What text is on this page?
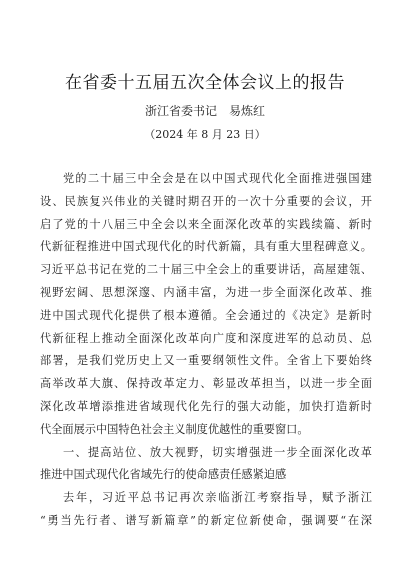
在省委十五届五次全体会议上的报告
浙江省委书记　易炼红
（2024 年 8 月 23 日）
党的二十届三中全会是在以中国式现代化全面推进强国建
设、民族复兴伟业的关键时期召开的一次十分重要的会议，开
启了党的十八届三中全会以来全面深化改革的实践续篇、新时
代新征程推进中国式现代化的时代新篇，具有重大里程碑意义。
习近平总书记在党的二十届三中全会上的重要讲话，高屋建瓴、
视野宏阔、思想深邃、内涵丰富，为进一步全面深化改革、推
进中国式现代化提供了根本遵循。全会通过的《决定》是新时
代新征程上推动全面深化改革向广度和深度进军的总动员、总
部署，是我们党历史上又一重要纲领性文件。全省上下要始终
高举改革大旗、保持改革定力、彰显改革担当，以进一步全面
深化改革增添推进省域现代化先行的强大动能，加快打造新时
代全面展示中国特色社会主义制度优越性的重要窗口。
一、提高站位、放大视野，切实增强进一步全面深化改革
推进中国式现代化省域先行的使命感责任感紧迫感
去年，习近平总书记再次亲临浙江考察指导，赋予浙江
“勇当先行者、谱写新篇章”的新定位新使命，强调要“在深
